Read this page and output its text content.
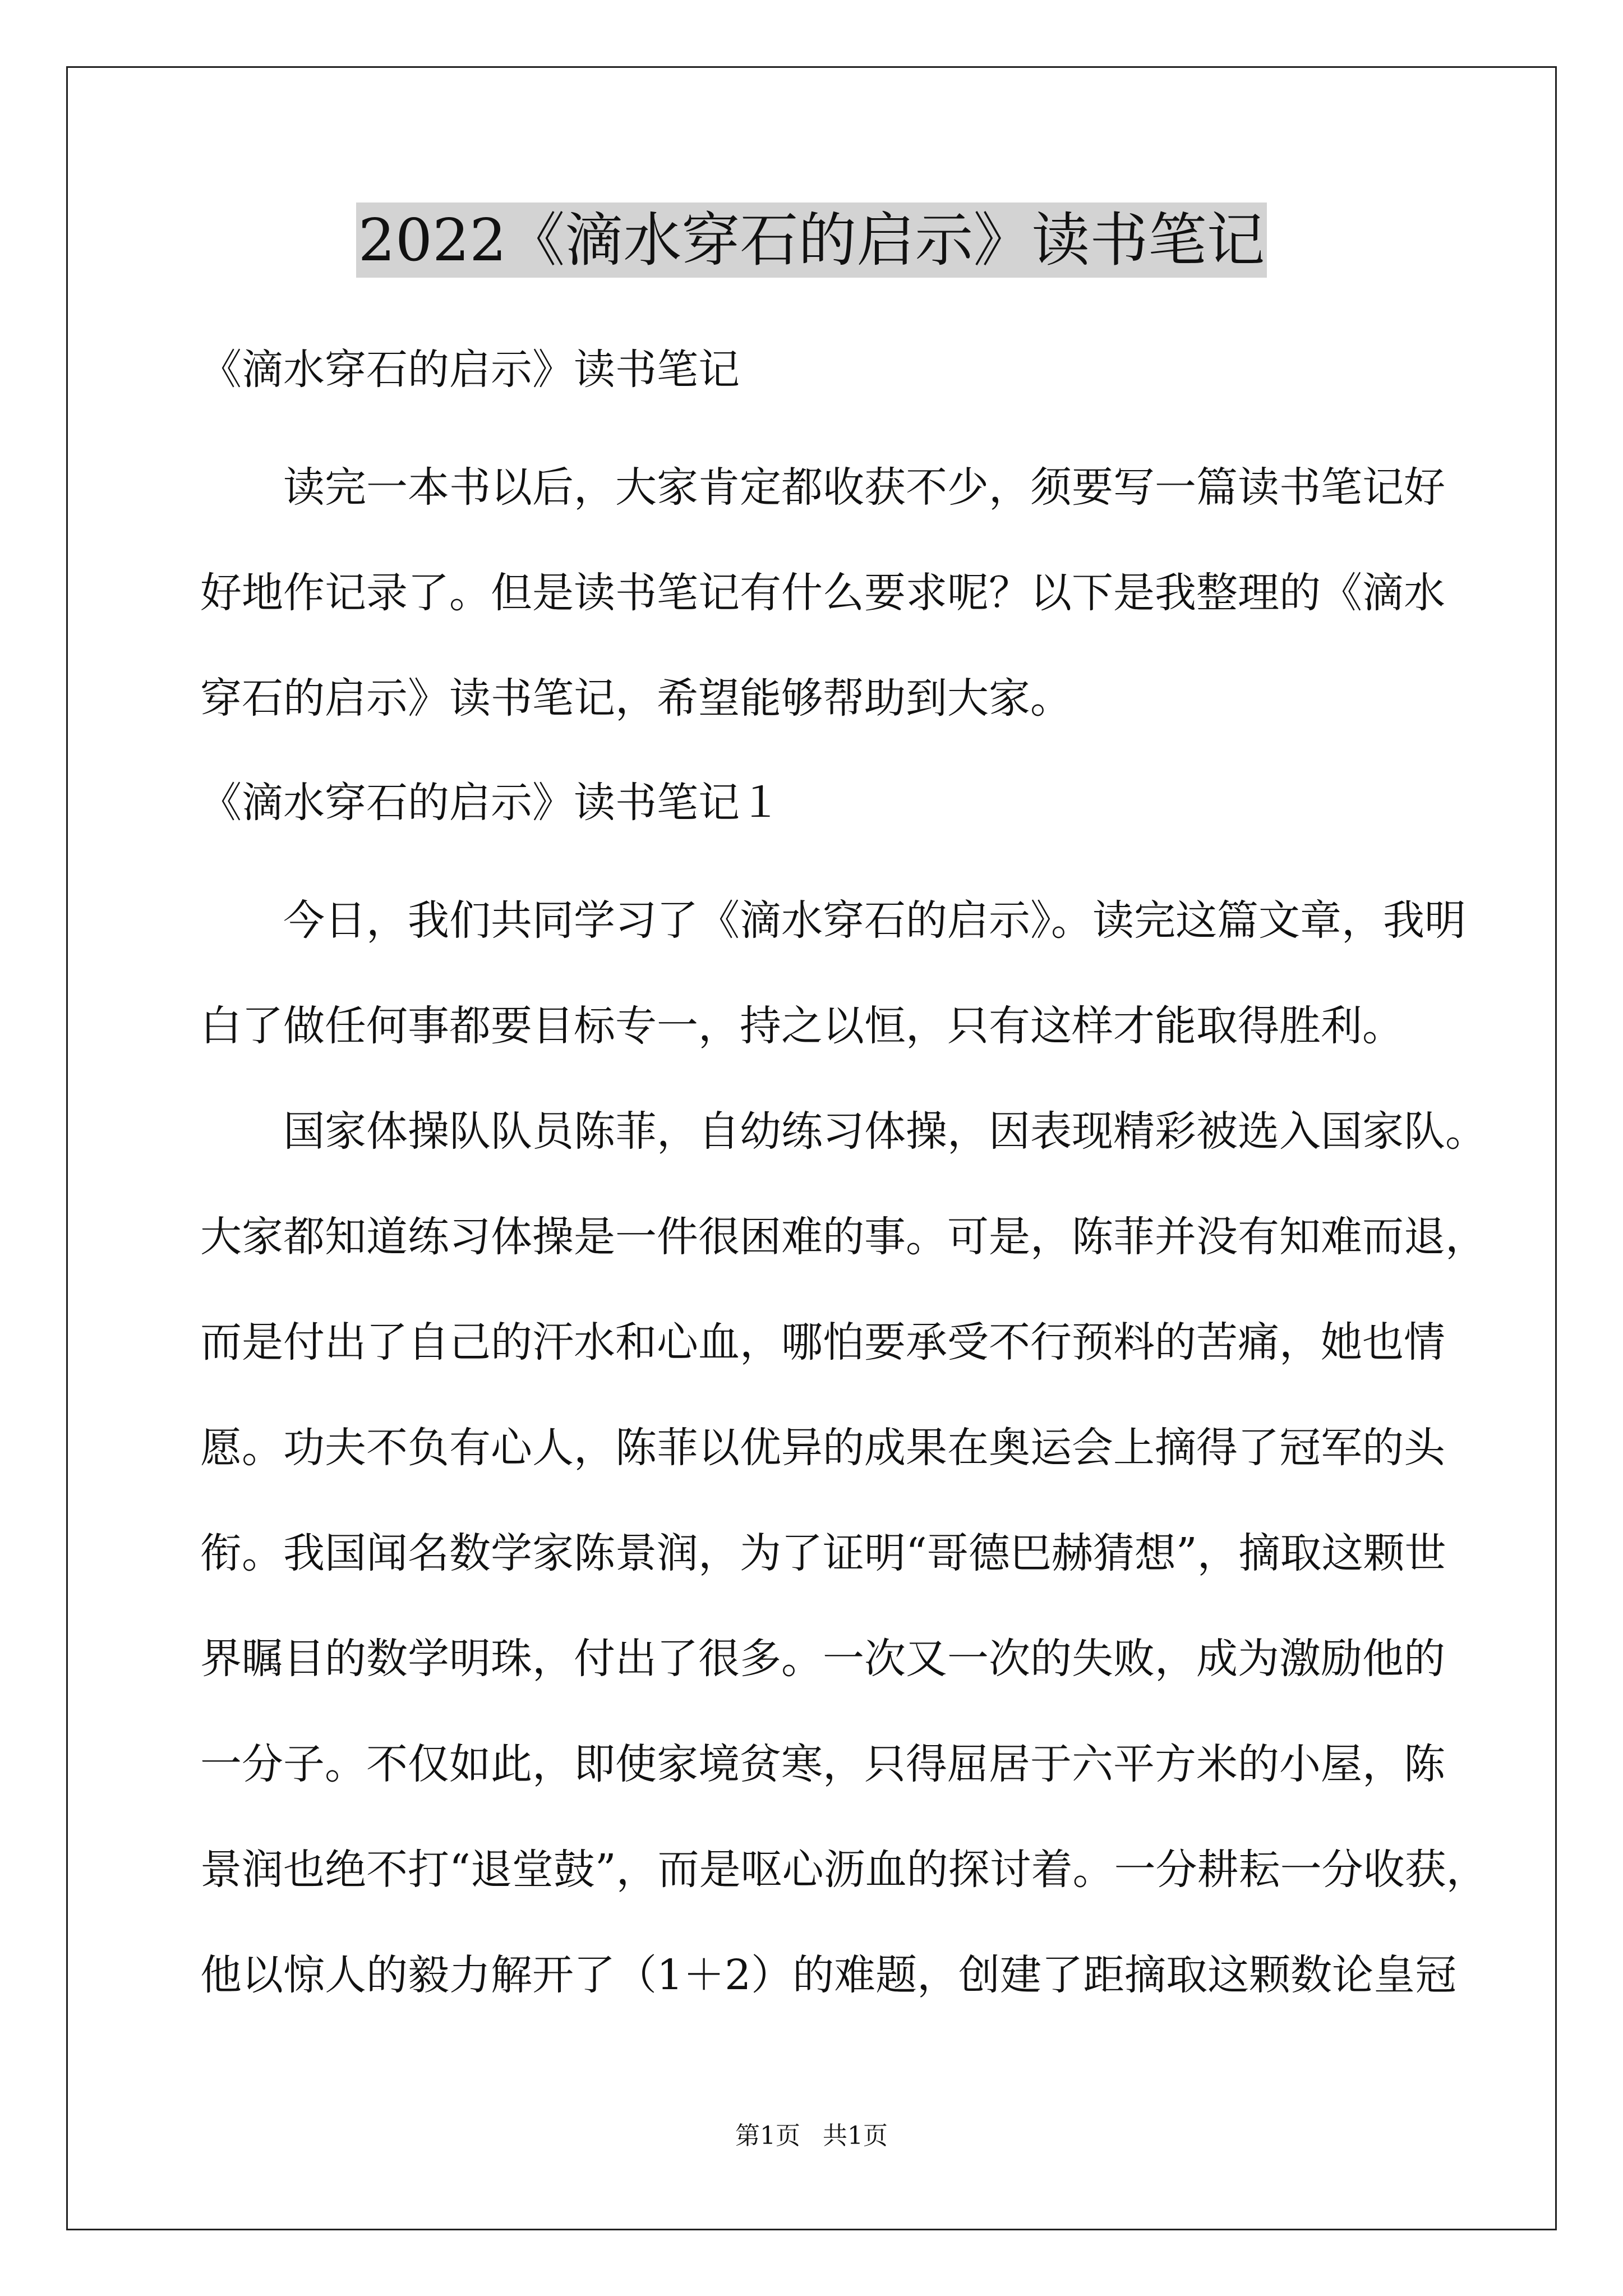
2022《滴水穿石的启示》读书笔记

《滴水穿石的启示》读书笔记

读完一本书以后，大家肯定都收获不少，须要写一篇读书笔记好

好地作记录了。但是读书笔记有什么要求呢？以下是我整理的《滴水

穿石的启示》读书笔记，希望能够帮助到大家。

《滴水穿石的启示》读书笔记１

今日，我们共同学习了《滴水穿石的启示》。读完这篇文章，我明

白了做任何事都要目标专一，持之以恒，只有这样才能取得胜利。

国家体操队队员陈菲，自幼练习体操，因表现精彩被选入国家队。

大家都知道练习体操是一件很困难的事。可是，陈菲并没有知难而退，

而是付出了自己的汗水和心血，哪怕要承受不行预料的苦痛，她也情

愿。功夫不负有心人，陈菲以优异的成果在奥运会上摘得了冠军的头

衔。我国闻名数学家陈景润，为了证明“哥德巴赫猜想”，摘取这颗世

界瞩目的数学明珠，付出了很多。一次又一次的失败，成为激励他的

一分子。不仅如此，即使家境贫寒，只得屈居于六平方米的小屋，陈

景润也绝不打“退堂鼓”，而是呕心沥血的探讨着。一分耕耘一分收获，

他以惊人的毅力解开了（1＋2）的难题，创建了距摘取这颗数论皇冠

第1页 共1页
